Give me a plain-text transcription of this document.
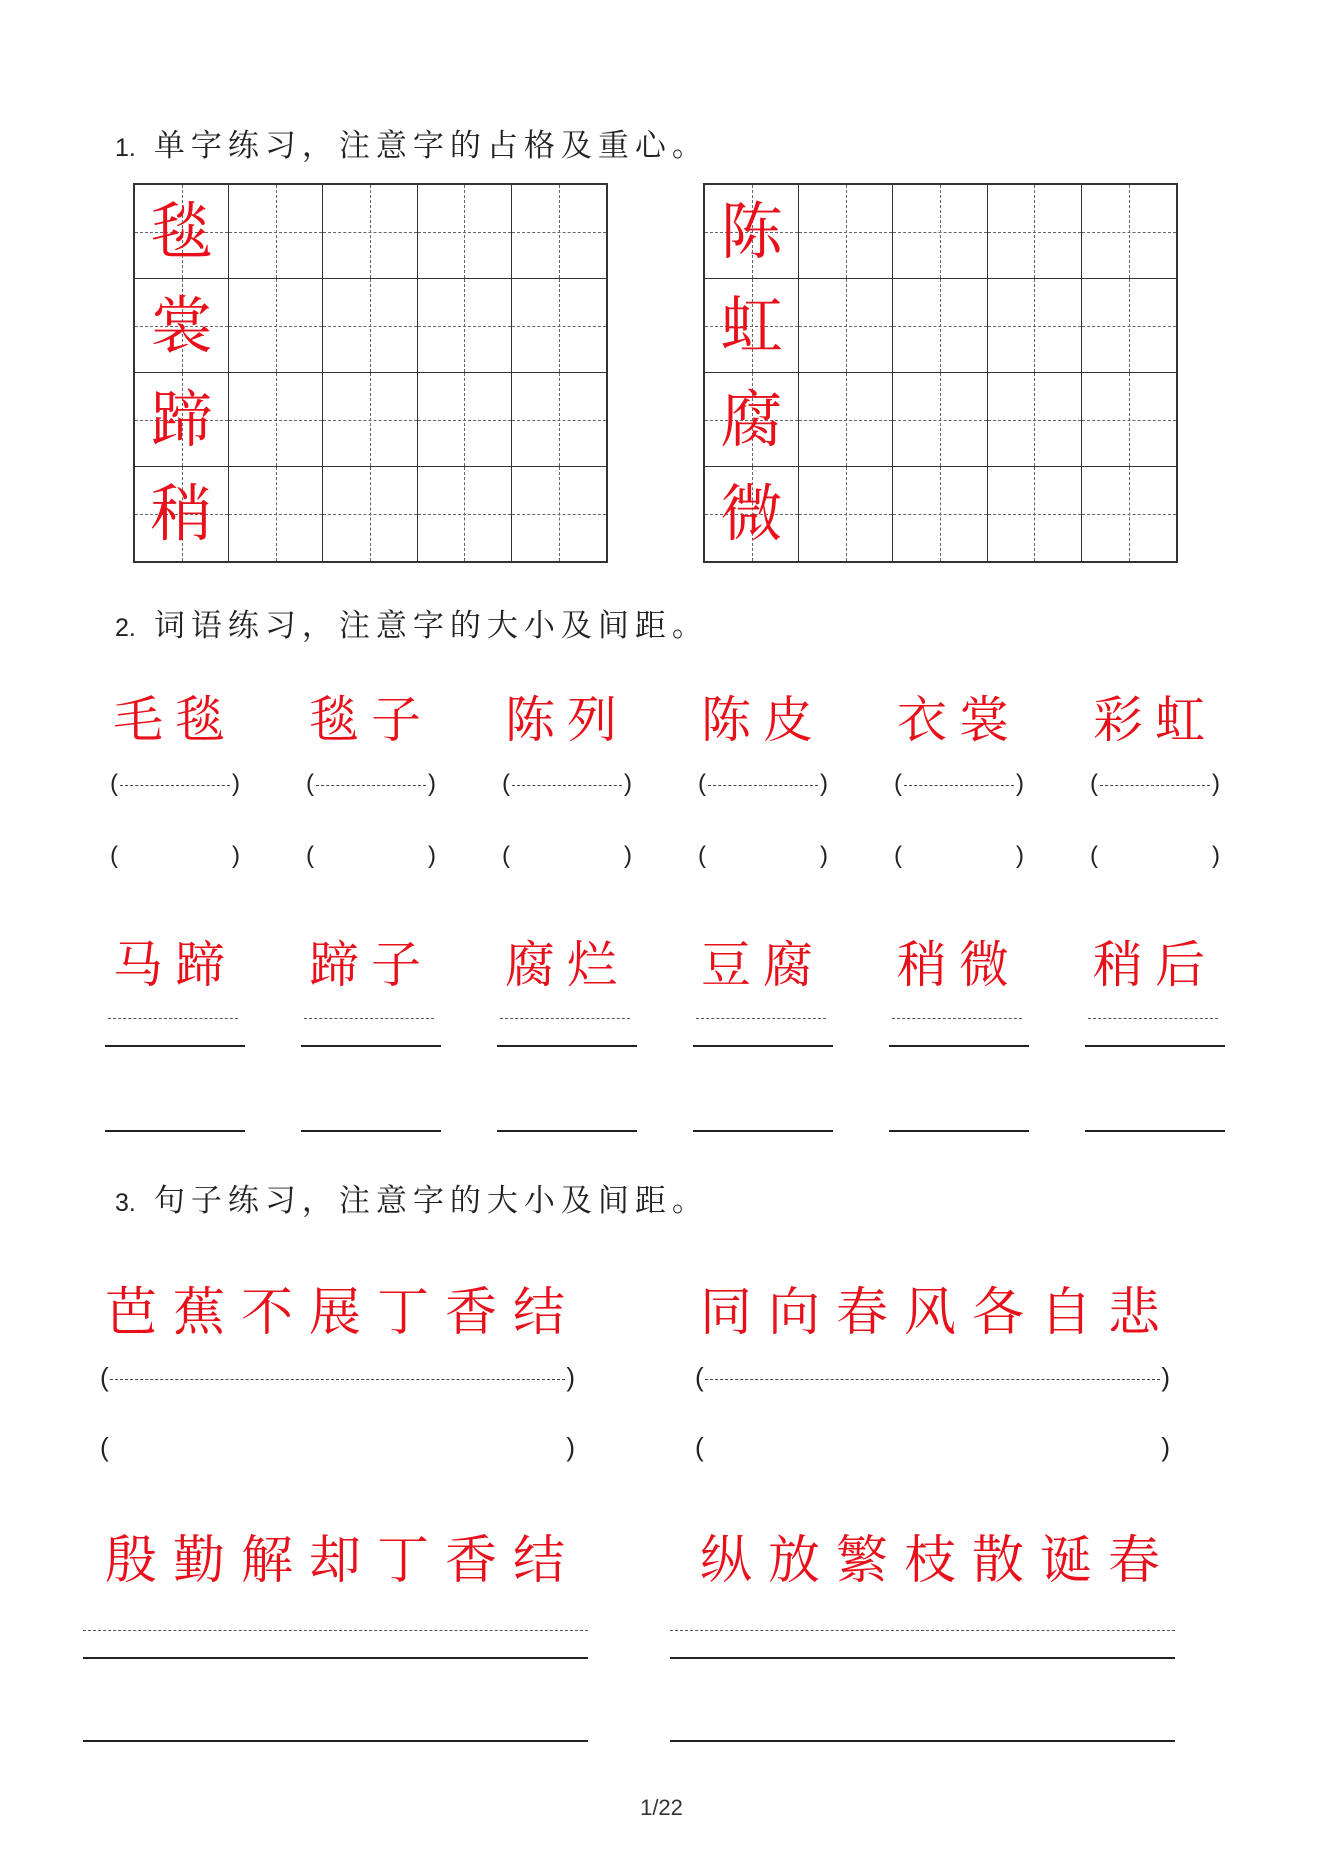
1. 单字练习，注意字的占格及重心。
毯
裳
蹄
稍
陈
虹
腐
微
2. 词语练习，注意字的大小及间距。
毛毯
(	)
(	)
马蹄
毯子
(	)
(	)
蹄子
陈列
(	)
(	)
腐烂
陈皮
(	)
(	)
豆腐
衣裳
(	)
(	)
稍微
彩虹
(	)
(	)
稍后
3. 句子练习，注意字的大小及间距。
芭蕉不展丁香结 同向春风各自悲
(	)	(	)
(	)	(	)
殷勤解却丁香结 纵放繁枝散诞春
1/22
